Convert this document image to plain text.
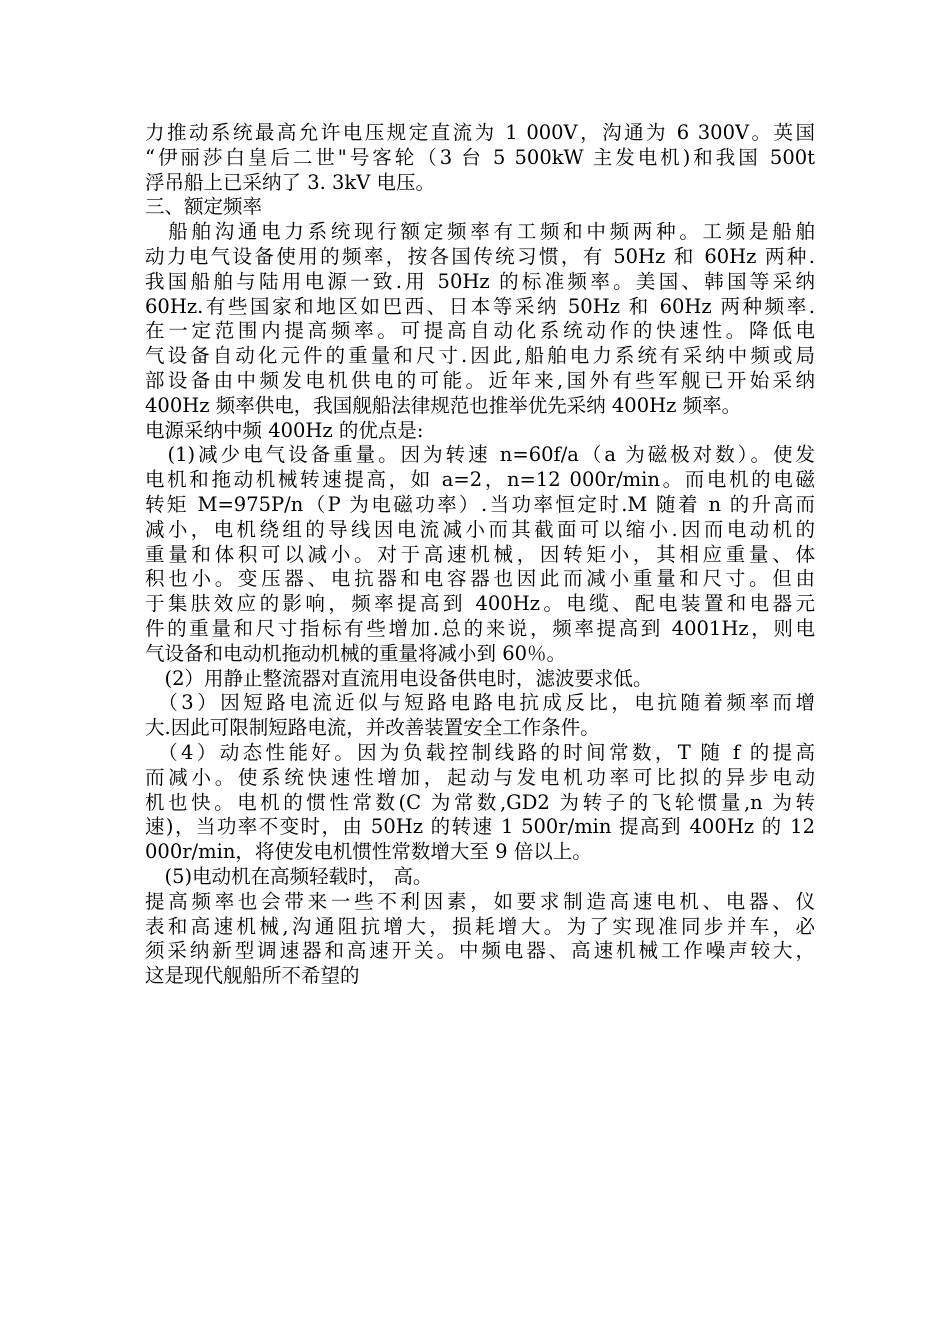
力推动系统最高允许电压规定直流为 1 000V，沟通为 6 300V。英国
“伊丽莎白皇后二世"号客轮（3 台 5 500kW 主发电机)和我国 500t
浮吊船上已采纳了 3. 3kV 电压。
三、额定频率
　船舶沟通电力系统现行额定频率有工频和中频两种。工频是船舶
动力电气设备使用的频率，按各国传统习惯，有 50Hz 和 60Hz 两种.
我国船舶与陆用电源一致.用 50Hz 的标准频率。美国、韩国等采纳
60Hz.有些国家和地区如巴西、日本等采纳 50Hz 和 60Hz 两种频率.
在一定范围内提高频率。可提高自动化系统动作的快速性。降低电
气设备自动化元件的重量和尺寸.因此,船舶电力系统有采纳中频或局
部设备由中频发电机供电的可能。近年来,国外有些军舰已开始采纳
400Hz 频率供电，我国舰船法律规范也推举优先采纳 400Hz 频率。
电源采纳中频 400Hz 的优点是:
　(1)减少电气设备重量。因为转速 n=60f/a（a 为磁极对数）。使发
电机和拖动机械转速提高，如 a=2，n=12 000r/min。而电机的电磁
转矩 M=975P/n（P 为电磁功率）.当功率恒定时.M 随着 n 的升高而
减小，电机绕组的导线因电流减小而其截面可以缩小.因而电动机的
重量和体积可以减小。对于高速机械，因转矩小，其相应重量、体
积也小。变压器、电抗器和电容器也因此而减小重量和尺寸。但由
于集肤效应的影响，频率提高到 400Hz。电缆、配电装置和电器元
件的重量和尺寸指标有些增加.总的来说，频率提高到 4001Hz，则电
气设备和电动机拖动机械的重量将减小到 60％。
　(2）用静止整流器对直流用电设备供电时，滤波要求低。
　（3）因短路电流近似与短路电路电抗成反比，电抗随着频率而增
大.因此可限制短路电流，并改善装置安全工作条件。
　（4）动态性能好。因为负载控制线路的时间常数，T 随 f 的提高
而减小。使系统快速性增加，起动与发电机功率可比拟的异步电动
机也快。电机的惯性常数(C 为常数,GD2 为转子的飞轮惯量,n 为转
速)，当功率不变时，由 50Hz 的转速 1 500r/min 提高到 400Hz 的 12
000r/min，将使发电机惯性常数增大至 9 倍以上。
　(5)电动机在高频轻载时， 高。
提高频率也会带来一些不利因素，如要求制造高速电机、电器、仪
表和高速机械,沟通阻抗增大，损耗增大。为了实现准同步并车，必
须采纳新型调速器和高速开关。中频电器、高速机械工作噪声较大，
这是现代舰船所不希望的
